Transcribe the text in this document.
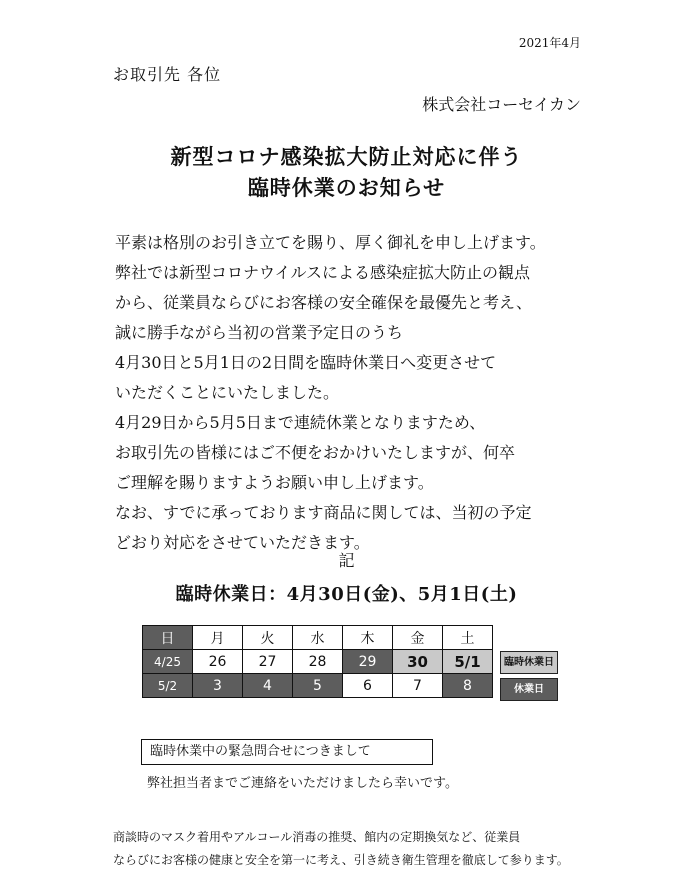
2021年4月
お取引先 各位
株式会社コーセイカン
新型コロナ感染拡大防止対応に伴う
臨時休業のお知らせ
平素は格別のお引き立てを賜り、厚く御礼を申し上げます。
弊社では新型コロナウイルスによる感染症拡大防止の観点
から、従業員ならびにお客様の安全確保を最優先と考え、
誠に勝手ながら当初の営業予定日のうち
4月30日と5月1日の2日間を臨時休業日へ変更させて
いただくことにいたしました。
4月29日から5月5日まで連続休業となりますため、
お取引先の皆様にはご不便をおかけいたしますが、何卒
ご理解を賜りますようお願い申し上げます。
なお、すでに承っております商品に関しては、当初の予定
どおり対応をさせていただきます。
記
臨時休業日：4月30日(金)、5月1日(土)
日	月	火	水	木	金	土
4/25	26	27	28	29	30	5/1
5/2	3	4	5	6	7	8
臨時休業日
休業日
臨時休業中の緊急問合せにつきまして
弊社担当者までご連絡をいただけましたら幸いです。
商談時のマスク着用やアルコール消毒の推奨、館内の定期換気など、従業員
ならびにお客様の健康と安全を第一に考え、引き続き衛生管理を徹底して参ります。
